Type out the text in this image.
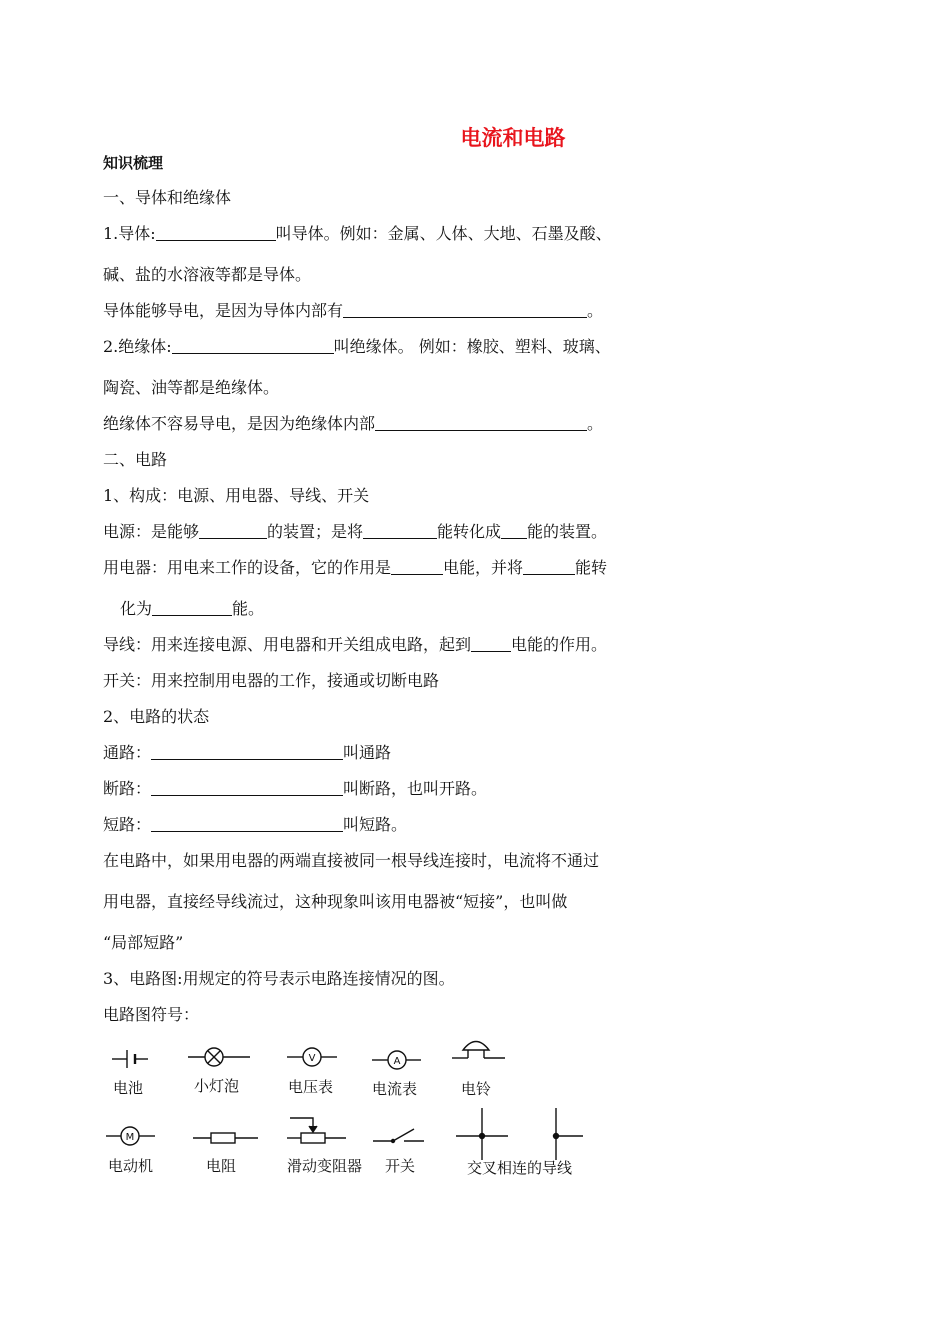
电流和电路
知识梳理
一、导体和绝缘体
1.导体:	叫导体。例如：金属、人体、大地、石墨及酸、
碱、盐的水溶液等都是导体。
导体能够导电，是因为导体内部有	。
2.绝缘体:	叫绝缘体。 例如：橡胶、塑料、玻璃、
陶瓷、油等都是绝缘体。
绝缘体不容易导电，是因为绝缘体内部	。
二、电路
1、构成：电源、用电器、导线、开关
电源：是能够	的装置；是将	能转化成 能的装置。
用电器：用电来工作的设备，它的作用是	电能，并将	能转
化为	能。
导线：用来连接电源、用电器和开关组成电路，起到	电能的作用。
开关：用来控制用电器的工作，接通或切断电路
2、电路的状态
通路：	叫通路
断路：	叫断路，也叫开路。
短路：	叫短路。
在电路中，如果用电器的两端直接被同一根导线连接时，电流将不通过
用电器，直接经导线流过，这种现象叫该用电器被“短接”，也叫做
“局部短路”
3、电路图:用规定的符号表示电路连接情况的图。
电路图符号：
V	A
M
电池	小灯泡	电压表	电流表	电铃
电动机	电阻	滑动变阻器 开关	交叉相连的导线
